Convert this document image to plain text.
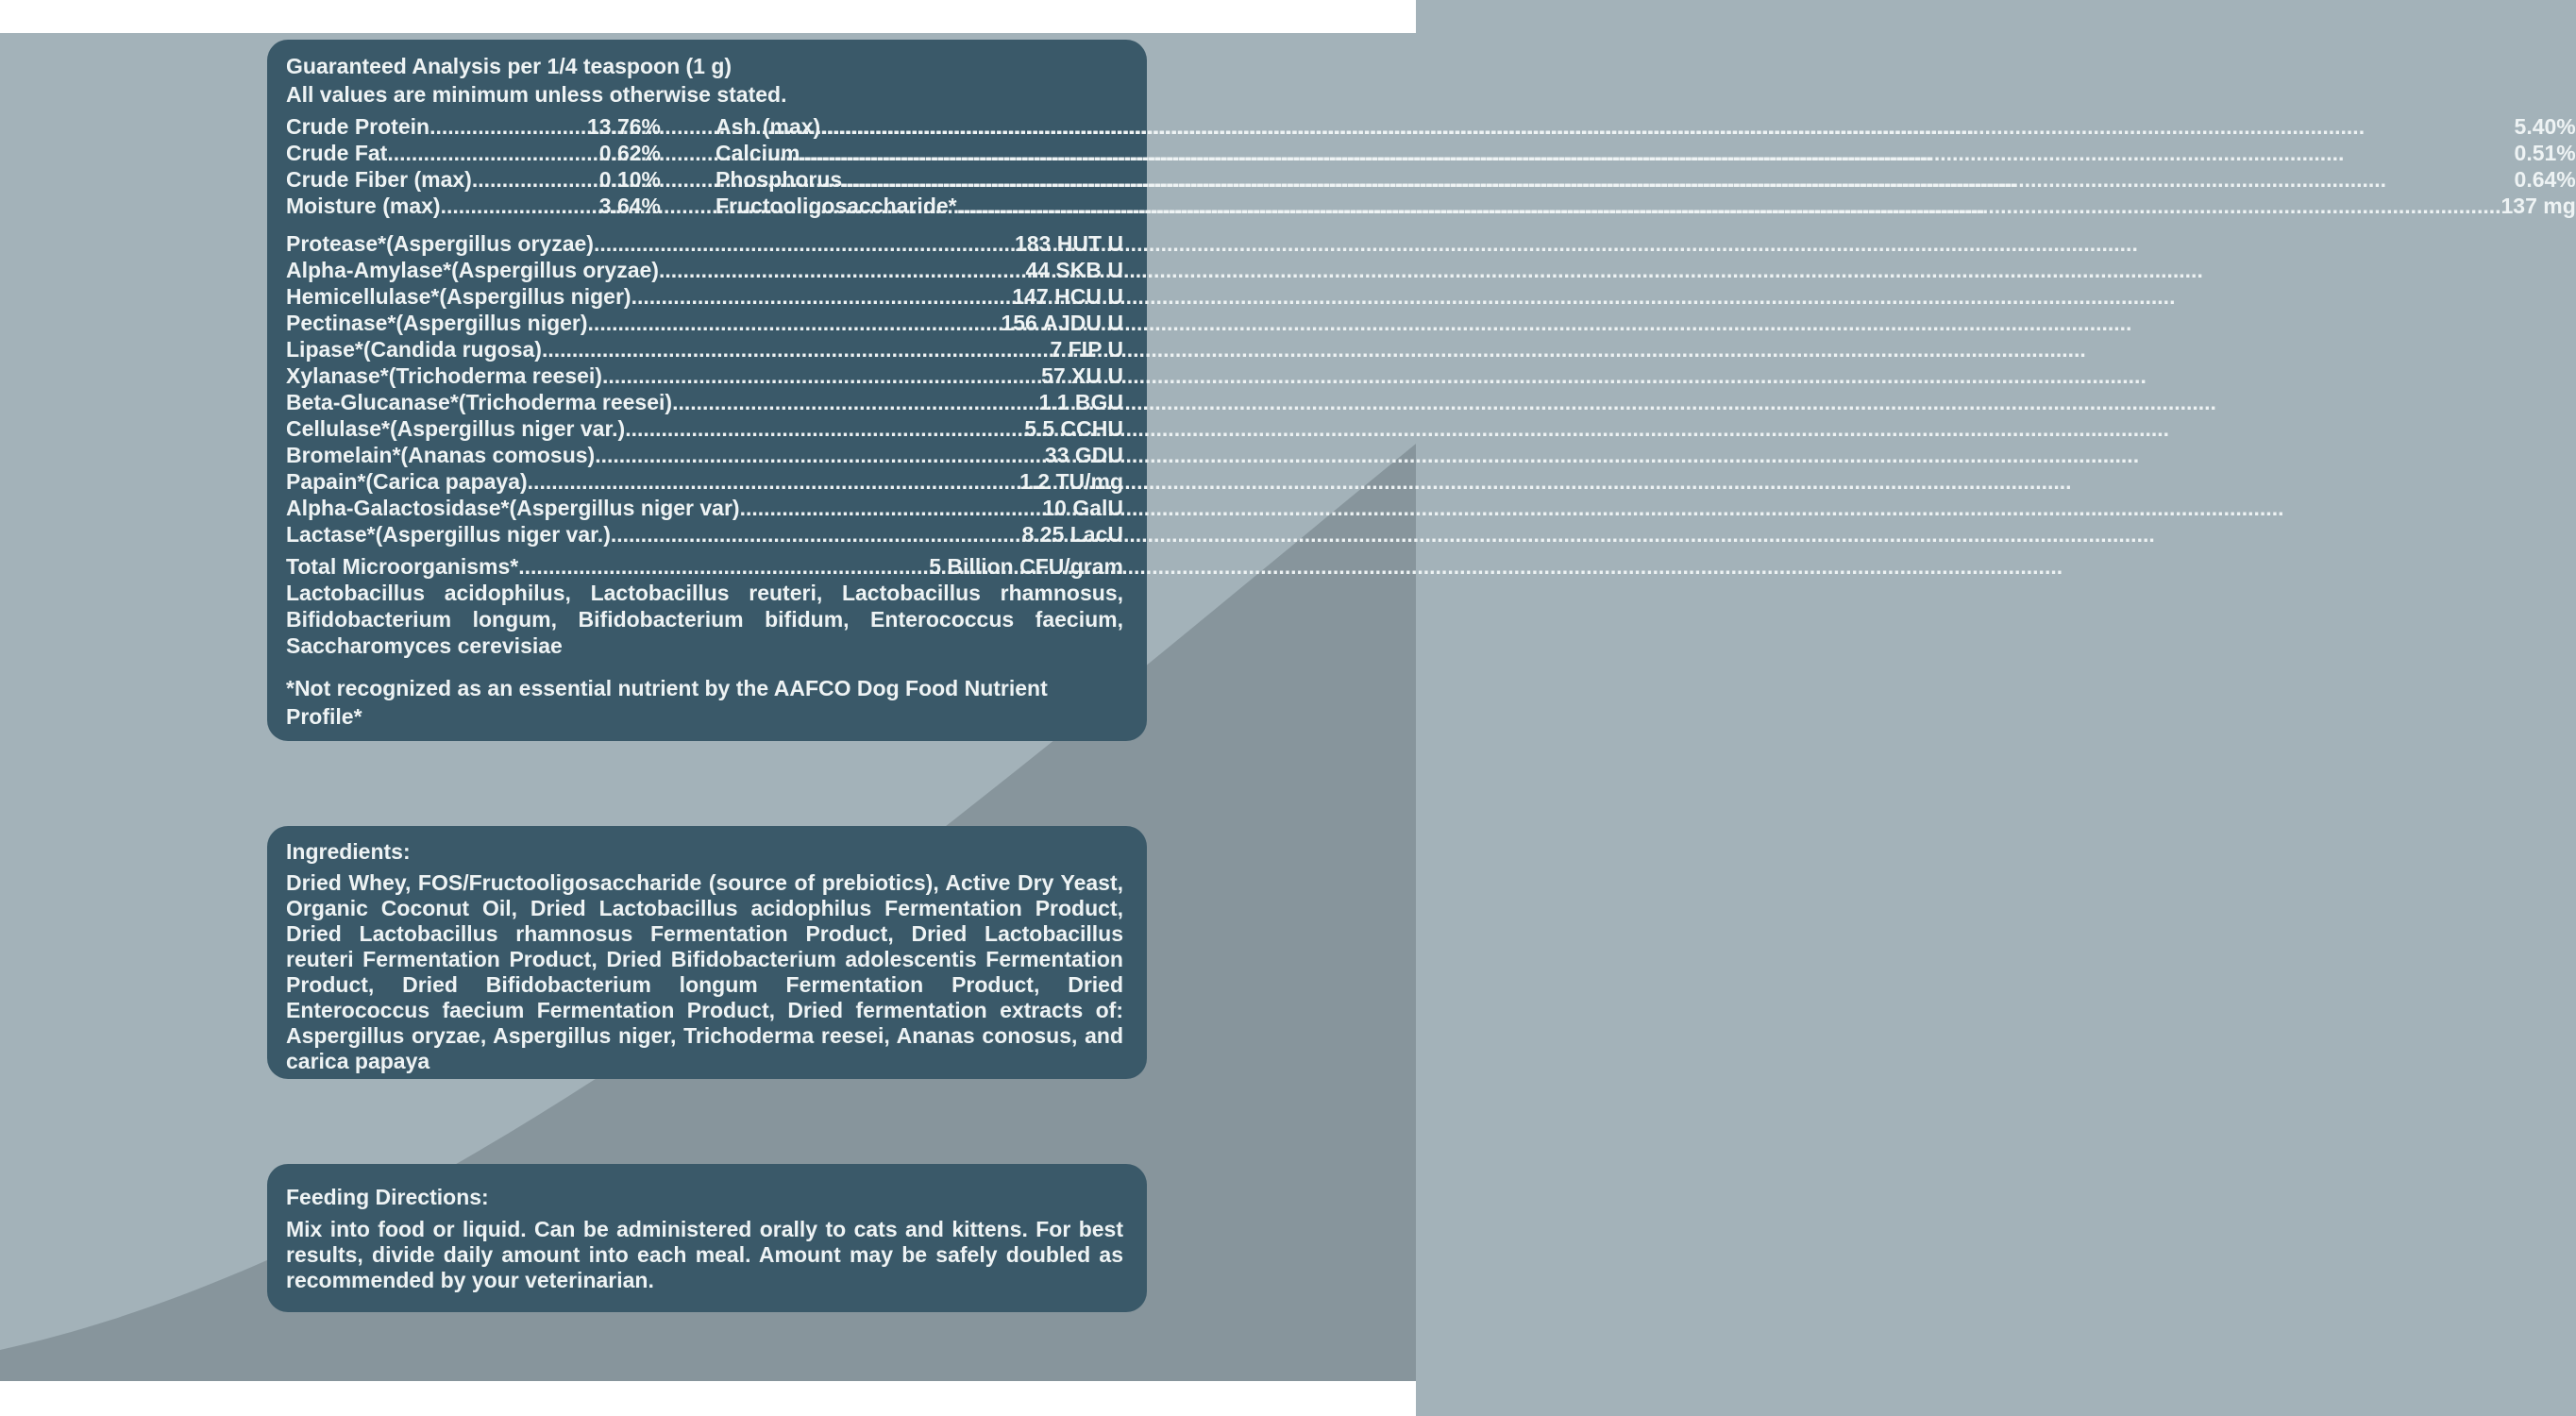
Guaranteed Analysis per 1/4 teaspoon (1 g)
All values are minimum unless otherwise stated.
Crude Protein .....	13.76%
Crude Fat .....	0.62%
Crude Fiber (max) .....	0.10%
Moisture (max) .....	3.64%
Ash (max) .....	5.40%
Calcium .....	0.51%
Phosphorus .....	0.64%
Fructooligosaccharide* .....	137 mg
Protease*(Aspergillus oryzae) .....	183 HUT U
Alpha-Amylase*(Aspergillus oryzae) .....	44 SKB U
Hemicellulase*(Aspergillus niger) .....	147 HCU U
Pectinase*(Aspergillus niger) .....	156 AJDU U
Lipase*(Candida rugosa) .....	7 FIP U
Xylanase*(Trichoderma reesei) .....	57 XU U
Beta-Glucanase*(Trichoderma reesei) .....	1.1 BGU
Cellulase*(Aspergillus niger var.) .....	5.5 CCHU
Bromelain*(Ananas comosus) .....	33 GDU
Papain*(Carica papaya) .....	1.2 TU/mg
Alpha-Galactosidase*(Aspergillus niger var) .....	10 GalU
Lactase*(Aspergillus niger var.) .....	8.25 LacU
Total Microorganisms* .....	5 Billion CFU/gram
Lactobacillus acidophilus, Lactobacillus reuteri, Lactobacillus rhamnosus, Bifidobacterium longum, Bifidobacterium bifidum, Enterococcus faecium, Saccharomyces cerevisiae
*Not recognized as an essential nutrient by the AAFCO Dog Food Nutrient Profile*
Ingredients:
Dried Whey, FOS/Fructooligosaccharide (source of prebiotics), Active Dry Yeast, Organic Coconut Oil, Dried Lactobacillus acidophilus Fermentation Product, Dried Lactobacillus rhamnosus Fermentation Product, Dried Lactobacillus reuteri Fermentation Product, Dried Bifidobacterium adolescentis Fermentation Product, Dried Bifidobacterium longum Fermentation Product, Dried Enterococcus faecium Fermentation Product, Dried fermentation extracts of: Aspergillus oryzae, Aspergillus niger, Trichoderma reesei, Ananas conosus, and carica papaya
Feeding Directions:
Mix into food or liquid. Can be administered orally to cats and kittens. For best results, divide daily amount into each meal. Amount may be safely doubled as recommended by your veterinarian.
